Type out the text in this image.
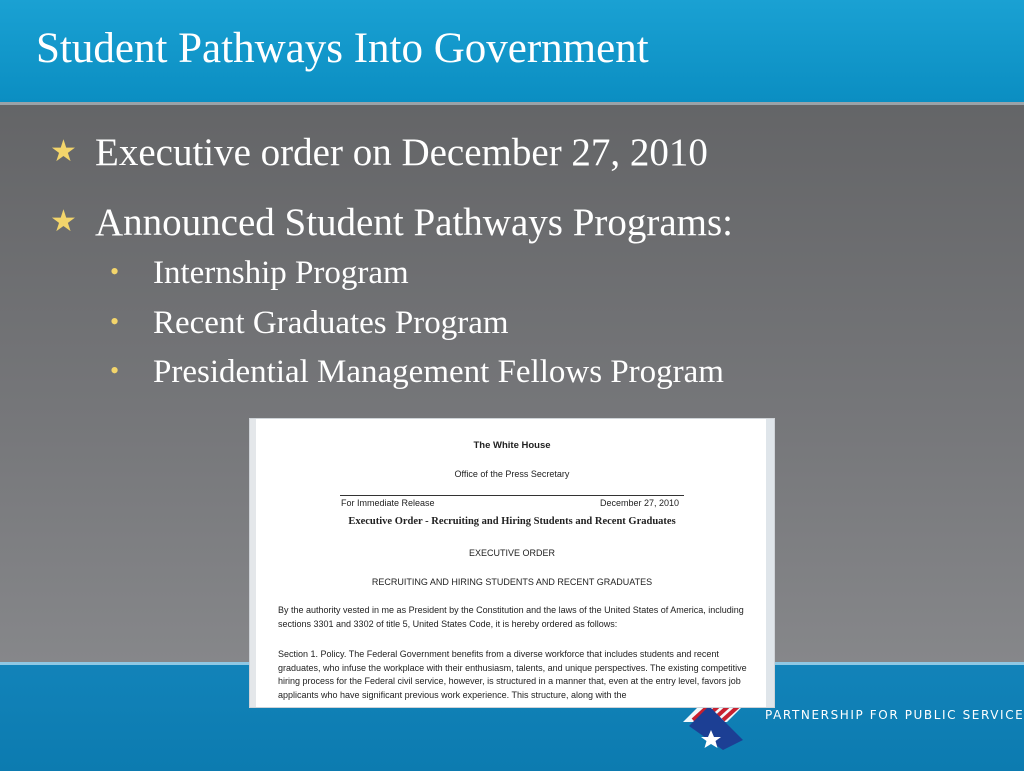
Student Pathways Into Government
★ Executive order on December 27, 2010
★ Announced Student Pathways Programs:
• Internship Program
• Recent Graduates Program
• Presidential Management Fellows Program
PARTNERSHIP FOR PUBLIC SERVICE
The White House
Office of the Press Secretary
For Immediate Release	December 27, 2010
Executive Order - Recruiting and Hiring Students and Recent Graduates
EXECUTIVE ORDER
RECRUITING AND HIRING STUDENTS AND RECENT GRADUATES
By the authority vested in me as President by the Constitution and the laws of the United States of America, including sections 3301 and 3302 of title 5, United States Code, it is hereby ordered as follows:
Section 1. Policy. The Federal Government benefits from a diverse workforce that includes students and recent graduates, who infuse the workplace with their enthusiasm, talents, and unique perspectives. The existing competitive hiring process for the Federal civil service, however, is structured in a manner that, even at the entry level, favors job applicants who have significant previous work experience. This structure, along with the
